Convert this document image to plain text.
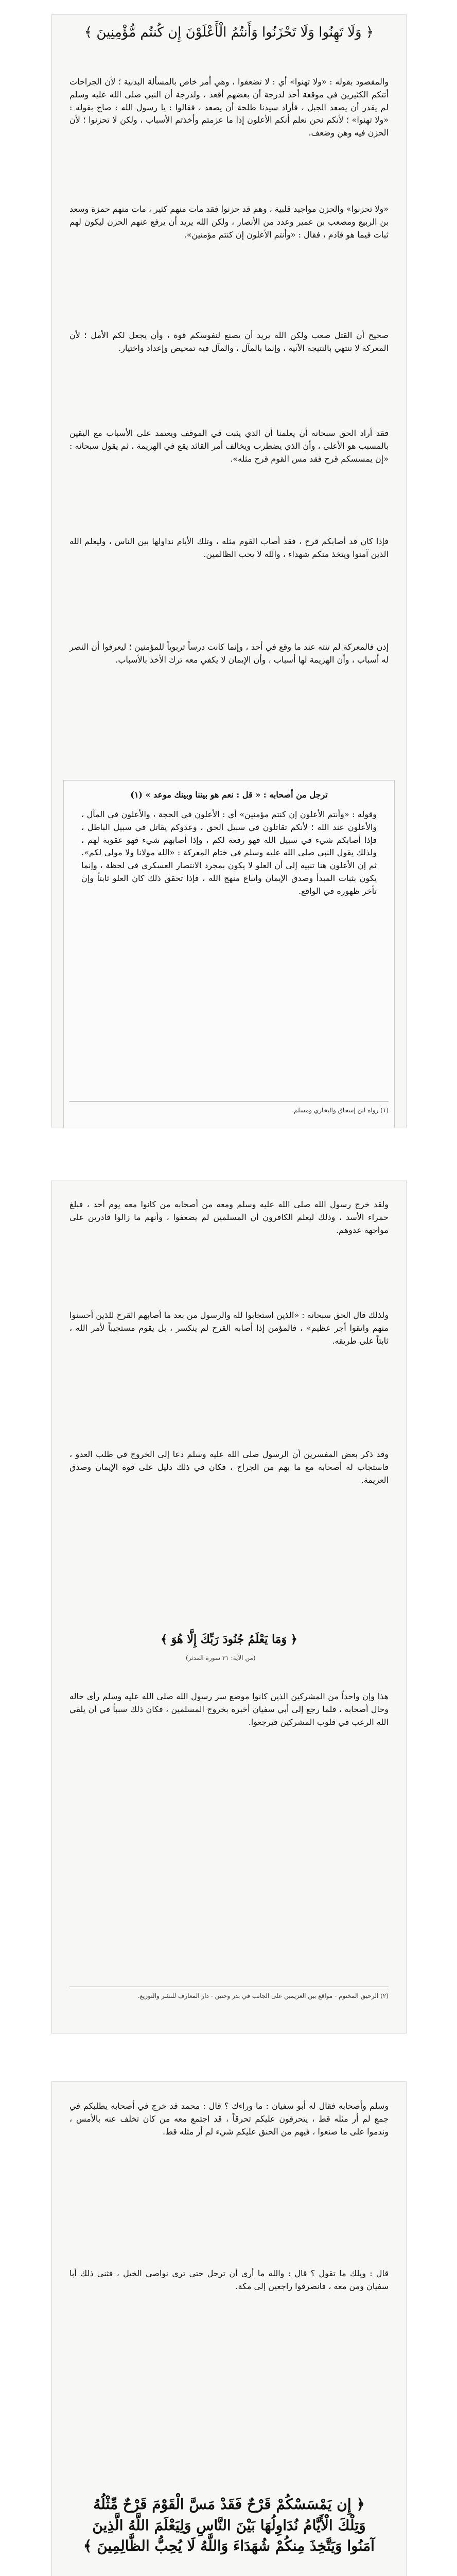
﴿ وَلَا تَهِنُوا وَلَا تَحْزَنُوا وَأَنتُمُ الْأَعْلَوْنَ إِن كُنتُم مُّؤْمِنِينَ ﴾
والمقصود بقوله : «ولا تهنوا» أي : لا تضعفوا ، وهي أمر خاص بالمسألة البدنية ؛ لأن الجراحات أتتكم الكثيرين في موقعة أحد لدرجة أن بعضهم أقعد ، ولدرجة أن النبي صلى الله عليه وسلم لم يقدر أن يصعد الجبل ، فأراد سيدنا طلحة أن يصعد ، فقالوا : يا رسول الله : صاح بقوله : «ولا تهنوا» ؛ لأنكم نحن نعلم أنكم الأعلون إذا ما عزمتم وأخذتم الأسباب ، ولكن لا تحزنوا ؛ لأن الحزن فيه وهن وضعف.
«ولا تحزنوا» والحزن مواجيد قلبية ، وهم قد حزنوا فقد مات منهم كثير ، مات منهم حمزة وسعد بن الربيع ومصعب بن عمير وعدد من الأنصار ، ولكن الله يريد أن يرفع عنهم الحزن ليكون لهم ثبات فيما هو قادم ، فقال : «وأنتم الأعلون إن كنتم مؤمنين».
صحيح أن القتل صعب ولكن الله يريد أن يصنع لنفوسكم قوة ، وأن يجعل لكم الأمل ؛ لأن المعركة لا تنتهي بالنتيجة الآنية ، وإنما بالمآل ، والمآل فيه تمحيص وإعداد واختيار.
فقد أراد الحق سبحانه أن يعلمنا أن الذي يثبت في الموقف ويعتمد على الأسباب مع اليقين بالمسبب هو الأعلى ، وأن الذي يضطرب ويخالف أمر القائد يقع في الهزيمة ، ثم يقول سبحانه : «إن يمسسكم قرح فقد مس القوم قرح مثله».
فإذا كان قد أصابكم قرح ، فقد أصاب القوم مثله ، وتلك الأيام نداولها بين الناس ، وليعلم الله الذين آمنوا ويتخذ منكم شهداء ، والله لا يحب الظالمين.
ترجل من أصحابه : « قل : نعم هو بيننا وبينك موعد » (١)
وقوله : «وأنتم الأعلون إن كنتم مؤمنين» أي : الأعلون في الحجة ، والأعلون في المآل ، والأعلون عند الله ؛ لأنكم تقاتلون في سبيل الحق ، وعدوكم يقاتل في سبيل الباطل ، فإذا أصابكم شيء في سبيل الله فهو رفعة لكم ، وإذا أصابهم شيء فهو عقوبة لهم ، ولذلك يقول النبي صلى الله عليه وسلم في ختام المعركة : «الله مولانا ولا مولى لكم». ثم إن الأعلون هنا تنبيه إلى أن العلو لا يكون بمجرد الانتصار العسكري في لحظة ، وإنما يكون بثبات المبدأ وصدق الإيمان واتباع منهج الله ، فإذا تحقق ذلك كان العلو ثابتاً وإن تأخر ظهوره في الواقع.
إذن فالمعركة لم تنته عند ما وقع في أحد ، وإنما كانت درساً تربوياً للمؤمنين ؛ ليعرفوا أن النصر له أسباب ، وأن الهزيمة لها أسباب ، وأن الإيمان لا يكفي معه ترك الأخذ بالأسباب.
(١) رواه ابن إسحاق والبخاري ومسلم.
ولقد خرج رسول الله صلى الله عليه وسلم ومعه من أصحابه من كانوا معه يوم أحد ، فبلغ حمراء الأسد ، وذلك ليعلم الكافرون أن المسلمين لم يضعفوا ، وأنهم ما زالوا قادرين على مواجهة عدوهم.
ولذلك قال الحق سبحانه : «الذين استجابوا لله والرسول من بعد ما أصابهم القرح للذين أحسنوا منهم واتقوا أجر عظيم» ، فالمؤمن إذا أصابه القرح لم ينكسر ، بل يقوم مستجيباً لأمر الله ، ثابتاً على طريقه.
وقد ذكر بعض المفسرين أن الرسول صلى الله عليه وسلم دعا إلى الخروج في طلب العدو ، فاستجاب له أصحابه مع ما بهم من الجراح ، فكان في ذلك دليل على قوة الإيمان وصدق العزيمة.
﴿ وَمَا يَعْلَمُ جُنُودَ رَبِّكَ إِلَّا هُوَ ﴾
(من الآية: ٣١ سورة المدثر)
هذا وإن واحداً من المشركين الذين كانوا موضع سر رسول الله صلى الله عليه وسلم رأى حاله وحال أصحابه ، فلما رجع إلى أبي سفيان أخبره بخروج المسلمين ، فكان ذلك سبباً في أن يلقي الله الرعب في قلوب المشركين فيرجعوا.
(٢) الرحيق المختوم - مواقع بين العزيمين على الجانب في بدر وحنين - دار المعارف للنشر والتوزيع.
وسلم وأصحابه فقال له أبو سفيان : ما وراءك ؟ قال : محمد قد خرج في أصحابه يطلبكم في جمع لم أر مثله قط ، يتحرقون عليكم تحرقاً ، قد اجتمع معه من كان تخلف عنه بالأمس ، وندموا على ما صنعوا ، فيهم من الحنق عليكم شيء لم أر مثله قط.
قال : ويلك ما تقول ؟ قال : والله ما أرى أن ترحل حتى ترى نواصي الخيل ، فثنى ذلك أبا سفيان ومن معه ، فانصرفوا راجعين إلى مكة.
﴿ إِن يَمْسَسْكُمْ قَرْحٌ فَقَدْ مَسَّ الْقَوْمَ قَرْحٌ مِّثْلُهُ وَتِلْكَ الْأَيَّامُ نُدَاوِلُهَا بَيْنَ النَّاسِ وَلِيَعْلَمَ اللَّهُ الَّذِينَ آمَنُوا وَيَتَّخِذَ مِنكُمْ شُهَدَاءَ وَاللَّهُ لَا يُحِبُّ الظَّالِمِينَ ﴾
